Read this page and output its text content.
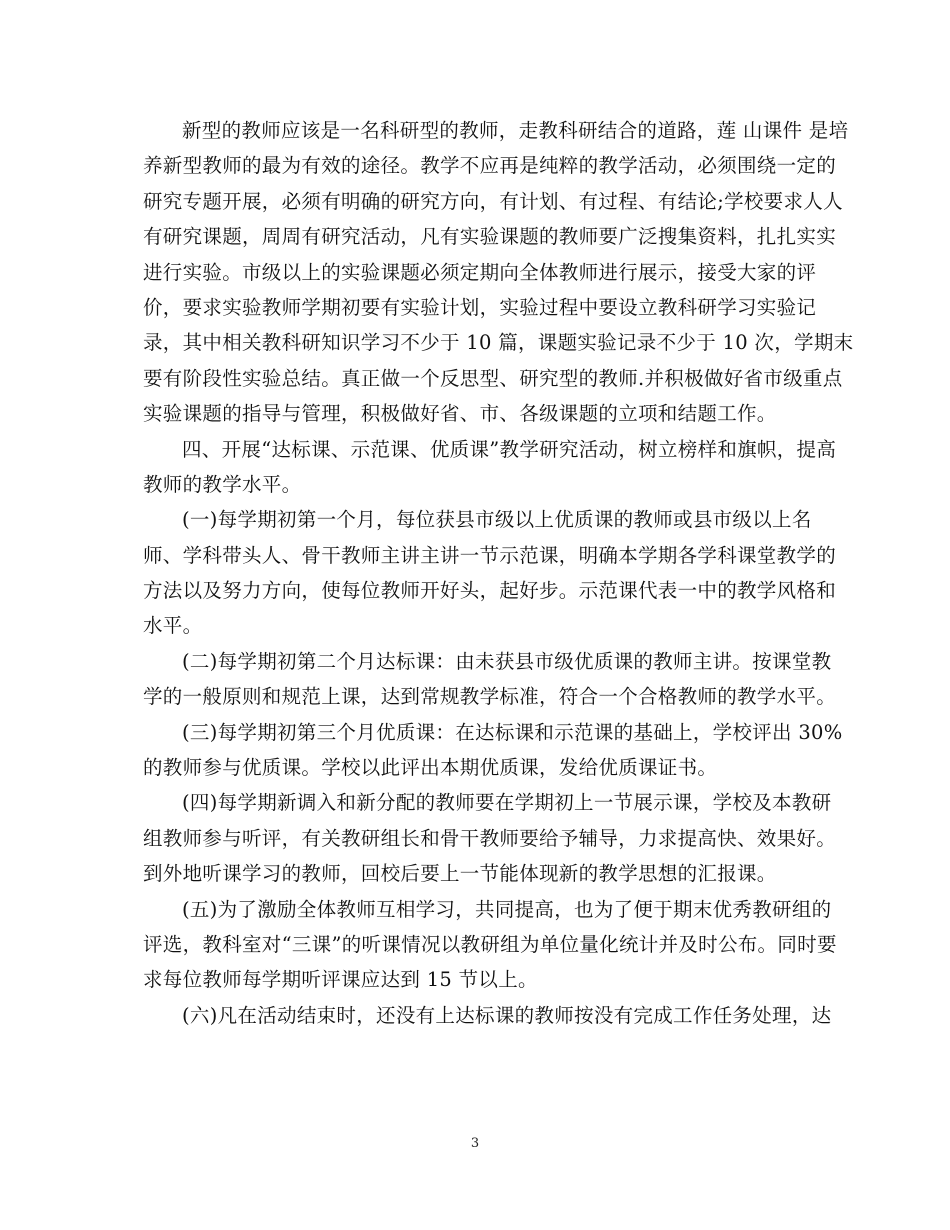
新型的教师应该是一名科研型的教师，走教科研结合的道路，莲 山课件 是培
养新型教师的最为有效的途径。教学不应再是纯粹的教学活动，必须围绕一定的
研究专题开展，必须有明确的研究方向，有计划、有过程、有结论;学校要求人人
有研究课题，周周有研究活动，凡有实验课题的教师要广泛搜集资料，扎扎实实
进行实验。市级以上的实验课题必须定期向全体教师进行展示，接受大家的评
价，要求实验教师学期初要有实验计划，实验过程中要设立教科研学习实验记
录，其中相关教科研知识学习不少于 10 篇，课题实验记录不少于 10 次，学期末
要有阶段性实验总结。真正做一个反思型、研究型的教师.并积极做好省市级重点
实验课题的指导与管理，积极做好省、市、各级课题的立项和结题工作。
四、开展“达标课、示范课、优质课”教学研究活动，树立榜样和旗帜，提高
教师的教学水平。
(一)每学期初第一个月，每位获县市级以上优质课的教师或县市级以上名
师、学科带头人、骨干教师主讲主讲一节示范课，明确本学期各学科课堂教学的
方法以及努力方向，使每位教师开好头，起好步。示范课代表一中的教学风格和
水平。
(二)每学期初第二个月达标课：由未获县市级优质课的教师主讲。按课堂教
学的一般原则和规范上课，达到常规教学标准，符合一个合格教师的教学水平。
(三)每学期初第三个月优质课：在达标课和示范课的基础上，学校评出 30%
的教师参与优质课。学校以此评出本期优质课，发给优质课证书。
(四)每学期新调入和新分配的教师要在学期初上一节展示课，学校及本教研
组教师参与听评，有关教研组长和骨干教师要给予辅导，力求提高快、效果好。
到外地听课学习的教师，回校后要上一节能体现新的教学思想的汇报课。
(五)为了激励全体教师互相学习，共同提高，也为了便于期末优秀教研组的
评选，教科室对“三课”的听课情况以教研组为单位量化统计并及时公布。同时要
求每位教师每学期听评课应达到 15 节以上。
(六)凡在活动结束时，还没有上达标课的教师按没有完成工作任务处理，达
3
